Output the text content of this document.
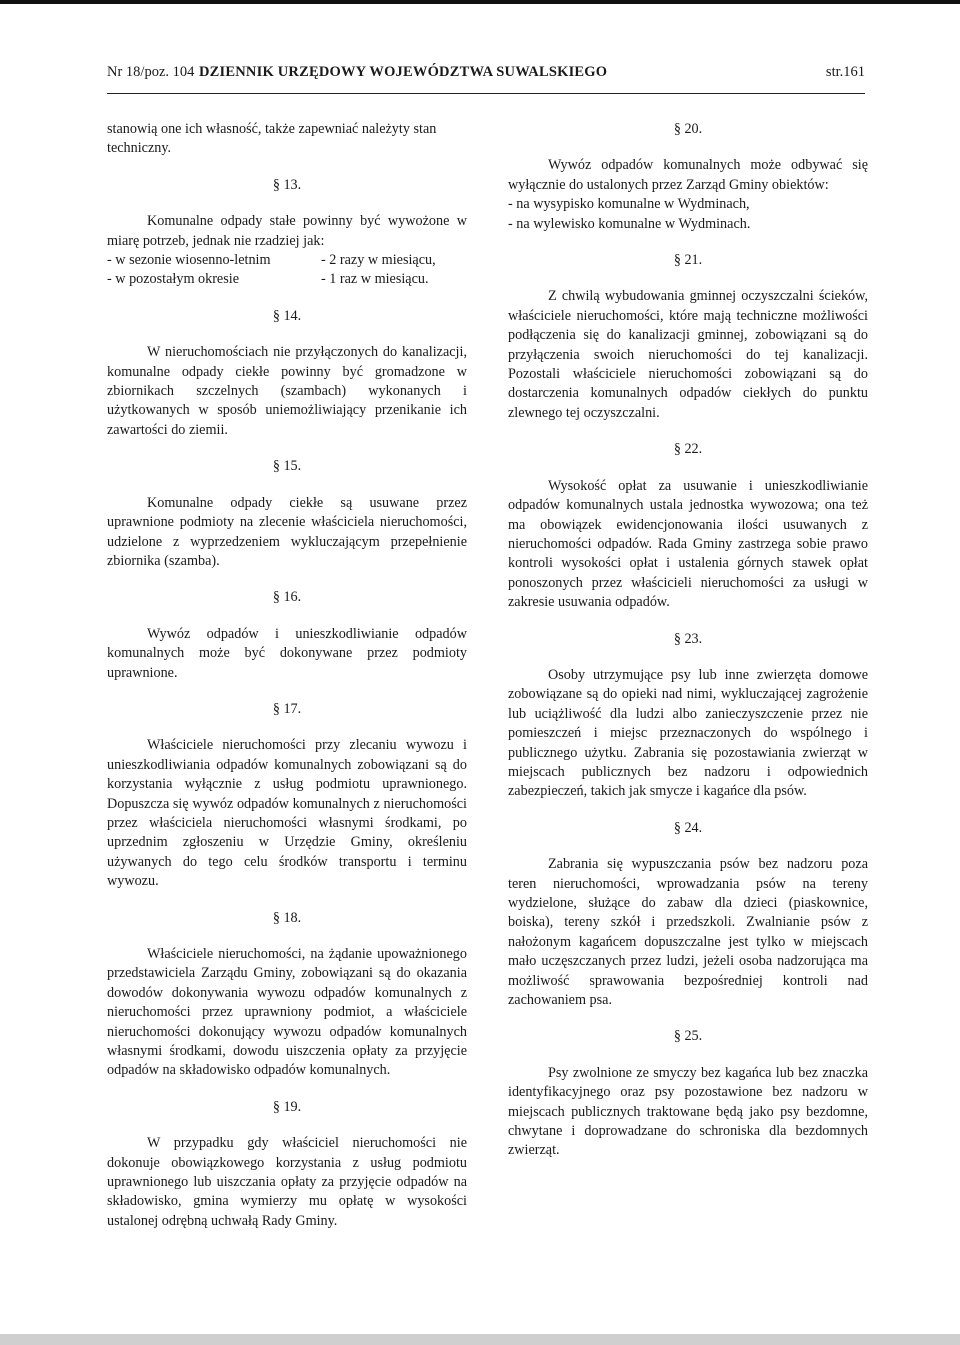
Nr 18/poz. 104 DZIENNIK URZĘDOWY WOJEWÓDZTWA SUWALSKIEGO	str.161

stanowią one ich własność, także zapewniać należyty stan techniczny.

§ 13.

Komunalne odpady stałe powinny być wywożone w miarę potrzeb, jednak nie rzadziej jak:

- w sezonie wiosenno-letnim	- 2 razy w miesiącu,
- w pozostałym okresie	- 1 raz w miesiącu.

§ 14.

W nieruchomościach nie przyłączonych do kanalizacji, komunalne odpady ciekłe powinny być gromadzone w zbiornikach szczelnych (szambach) wykonanych i użytkowanych w sposób uniemożliwiający przenikanie ich zawartości do ziemii.

§ 15.

Komunalne odpady ciekłe są usuwane przez uprawnione podmioty na zlecenie właściciela nieruchomości, udzielone z wyprzedzeniem wykluczającym przepełnienie zbiornika (szamba).

§ 16.

Wywóz odpadów i unieszkodliwianie odpadów komunalnych może być dokonywane przez podmioty uprawnione.

§ 17.

Właściciele nieruchomości przy zlecaniu wywozu i unieszkodliwiania odpadów komunalnych zobowiązani są do korzystania wyłącznie z usług podmiotu uprawnionego. Dopuszcza się wywóz odpadów komunalnych z nieruchomości przez właściciela nieruchomości własnymi środkami, po uprzednim zgłoszeniu w Urzędzie Gminy, określeniu używanych do tego celu środków transportu i terminu wywozu.

§ 18.

Właściciele nieruchomości, na żądanie upoważnionego przedstawiciela Zarządu Gminy, zobowiązani są do okazania dowodów dokonywania wywozu odpadów komunalnych z nieruchomości przez uprawniony podmiot, a właściciele nieruchomości dokonujący wywozu odpadów komunalnych własnymi środkami, dowodu uiszczenia opłaty za przyjęcie odpadów na składowisko odpadów komunalnych.

§ 19.

W przypadku gdy właściciel nieruchomości nie dokonuje obowiązkowego korzystania z usług podmiotu uprawnionego lub uiszczania opłaty za przyjęcie odpadów na składowisko, gmina wymierzy mu opłatę w wysokości ustalonej odrębną uchwałą Rady Gminy.

§ 20.

Wywóz odpadów komunalnych może odbywać się wyłącznie do ustalonych przez Zarząd Gminy obiektów:

- na wysypisko komunalne w Wydminach,
- na wylewisko komunalne w Wydminach.

§ 21.

Z chwilą wybudowania gminnej oczyszczalni ścieków, właściciele nieruchomości, które mają techniczne możliwości podłączenia się do kanalizacji gminnej, zobowiązani są do przyłączenia swoich nieruchomości do tej kanalizacji. Pozostali właściciele nieruchomości zobowiązani są do dostarczenia komunalnych odpadów ciekłych do punktu zlewnego tej oczyszczalni.

§ 22.

Wysokość opłat za usuwanie i unieszkodliwianie odpadów komunalnych ustala jednostka wywozowa; ona też ma obowiązek ewidencjonowania ilości usuwanych z nieruchomości odpadów. Rada Gminy zastrzega sobie prawo kontroli wysokości opłat i ustalenia górnych stawek opłat ponoszonych przez właścicieli nieruchomości za usługi w zakresie usuwania odpadów.

§ 23.

Osoby utrzymujące psy lub inne zwierzęta domowe zobowiązane są do opieki nad nimi, wykluczającej zagrożenie lub uciążliwość dla ludzi albo zanieczyszczenie przez nie pomieszczeń i miejsc przeznaczonych do wspólnego i publicznego użytku. Zabrania się pozostawiania zwierząt w miejscach publicznych bez nadzoru i odpowiednich zabezpieczeń, takich jak smycze i kagańce dla psów.

§ 24.

Zabrania się wypuszczania psów bez nadzoru poza teren nieruchomości, wprowadzania psów na tereny wydzielone, służące do zabaw dla dzieci (piaskownice, boiska), tereny szkół i przedszkoli. Zwalnianie psów z nałożonym kagańcem dopuszczalne jest tylko w miejscach mało uczęszczanych przez ludzi, jeżeli osoba nadzorująca ma możliwość sprawowania bezpośredniej kontroli nad zachowaniem psa.

§ 25.

Psy zwolnione ze smyczy bez kagańca lub bez znaczka identyfikacyjnego oraz psy pozostawione bez nadzoru w miejscach publicznych traktowane będą jako psy bezdomne, chwytane i doprowadzane do schroniska dla bezdomnych zwierząt.
